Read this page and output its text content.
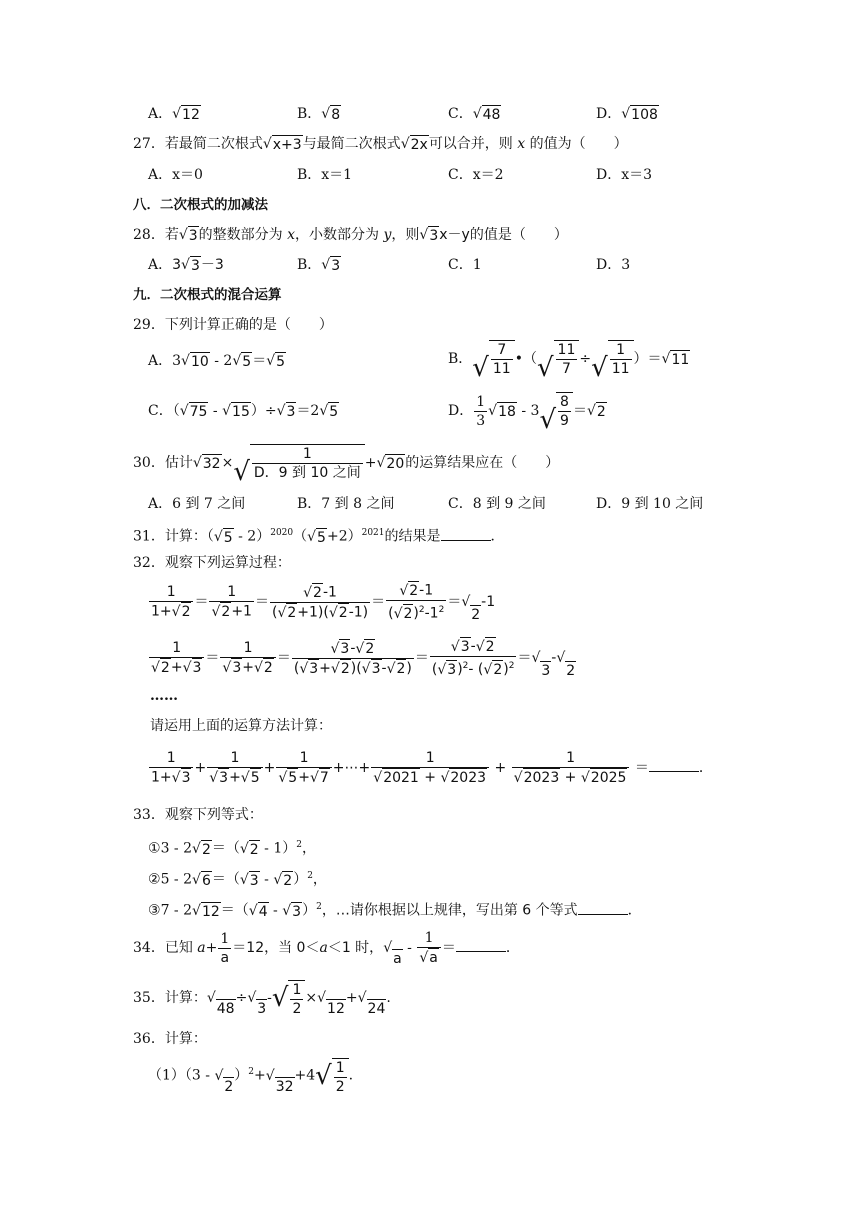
A．√12	B．√8	C．√48	D．√108
27．若最简二次根式√x+3与最简二次根式√2x可以合并，则 x 的值为（　　）
A．x＝0	B．x＝1	C．x＝2	D．x＝3
八．二次根式的加减法
28．若√3的整数部分为 x，小数部分为 y，则√3x－y的值是（　　）
A．3√3－3	B．√3	C．1	D．3
九．二次根式的混合运算
29．下列计算正确的是（　　）
A．3√10 - 2√5＝√5	B．√ $\frac{7}{11}$ •（√ $\frac{11}{7}$ ÷√ $\frac{1}{11} )=√11$
C．（√75 - √15）÷√3＝2√5	D． $\frac{1}{3} √18 - 3√ \frac{8}{9} =√2$
30．估计√32×√
1
D．9 到 10 之间
+√20的运算结果应在（　　）
A．6 到 7 之间	B．7 到 8 之间	C．8 到 9 之间	D．9 到 10 之间
31．计算：$(√5 - 2)^{2020}(√5+2)^{2021}$的结果是	．
32．观察下列运算过程：
$\frac{1}{1+√2} = \frac{1}{√2+1} = \frac{√2-1}{(√2+1)(√2-1)} = \frac{√2-1}{(√2)^2-1^2} =√2-1$
$\frac{1}{√2+√3} = \frac{1}{√3+√2} = \frac{√3-√2}{(√3+√2)(√3-√2)} = \frac{√3-√2}{(√3)^2- (√2)^2} =√3-√2$
……
请运用上面的运算方法计算：
$\frac{1}{1+√3} + \frac{1}{√3+√5} + \frac{1}{√5+√7}$ +⋯+ $\frac{1}{√2021 + √2023} + \frac{1}{√2023 + √2025}$ ＝	．
33．观察下列等式：
①3 - 2√2＝（√2 - 1）$^2$，
②5 - 2√6＝（√3 - √2）$^2$，
③7 - 2√12＝（√4 - √3）$^2$，…请你根据以上规律，写出第 6 个等式	．
34．已知 $a+ \frac{1}{a} =12$，当 0＜a＜1 时，$√a - \frac{1}{√a}$ ＝	．
35．计算：$√48\div√3-√ \frac{1}{2} \times√12+√24$.
36．计算：
$(1)(3 - √2)^2+√32+4√ \frac{1}{2}$ .
